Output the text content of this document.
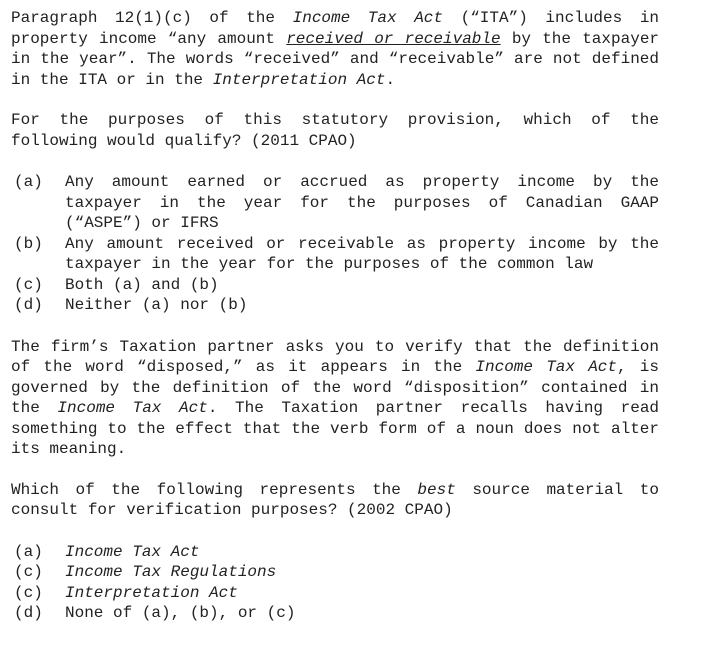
Paragraph 12(1)(c) of the Income Tax Act (“ITA”) includes in property income “any amount received or receivable by the taxpayer in the year”. The words “received” and “receivable” are not defined in the ITA or in the Interpretation Act.

For the purposes of this statutory provision, which of the following would qualify? (2011 CPAO)

(a)	Any amount earned or accrued as property income by the taxpayer in the year for the purposes of Canadian GAAP (“ASPE”) or IFRS
(b)	Any amount received or receivable as property income by the taxpayer in the year for the purposes of the common law
(c)	Both (a) and (b)
(d)	Neither (a) nor (b)

The firm’s Taxation partner asks you to verify that the definition of the word “disposed,” as it appears in the Income Tax Act, is governed by the definition of the word “disposition” contained in the Income Tax Act. The Taxation partner recalls having read something to the effect that the verb form of a noun does not alter its meaning.

Which of the following represents the best source material to consult for verification purposes? (2002 CPAO)

(a)	Income Tax Act
(c)	Income Tax Regulations
(c)	Interpretation Act
(d)	None of (a), (b), or (c)
